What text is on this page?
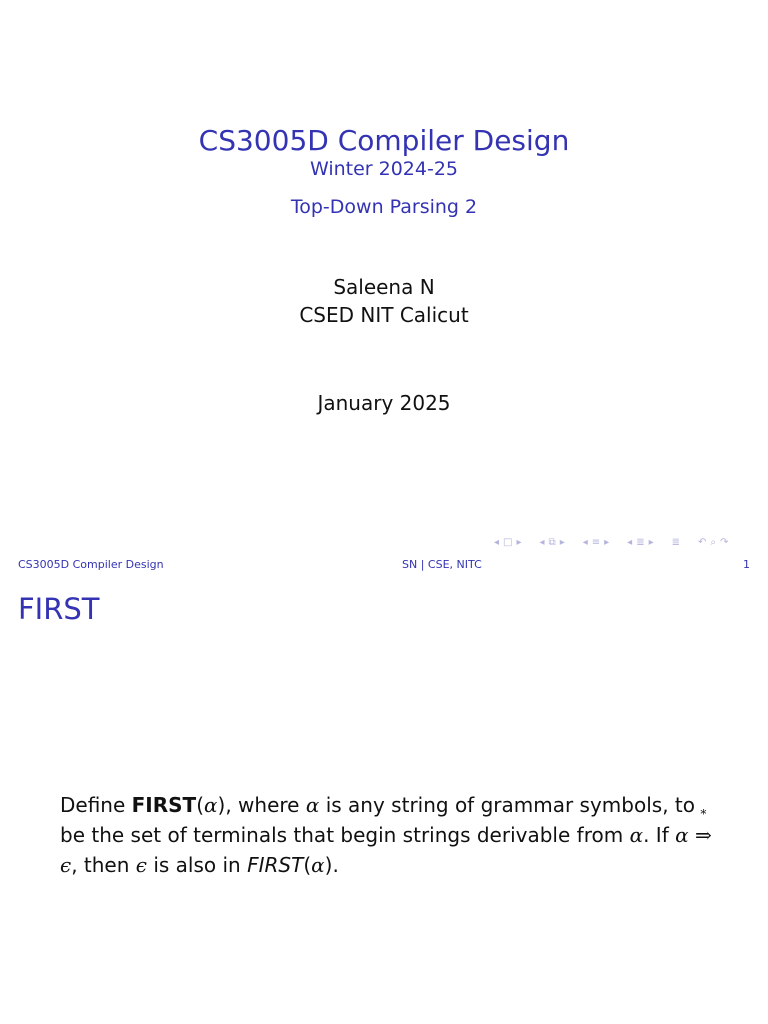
CS3005D Compiler Design
Winter 2024-25
Top-Down Parsing 2
Saleena N
CSED NIT Calicut
January 2025
◂ □ ▸ ◂ ⧉ ▸ ◂ ≡ ▸ ◂ ≣ ▸ ≣ ↶ ⌕ ↷
CS3005D Compiler Design	SN | CSE, NITC	1
FIRST
Define FIRST(α), where α is any string of grammar symbols, to be the set of terminals that begin strings derivable from α. If α
*
⇒ ϵ, then ϵ is also in FIRST(α).
